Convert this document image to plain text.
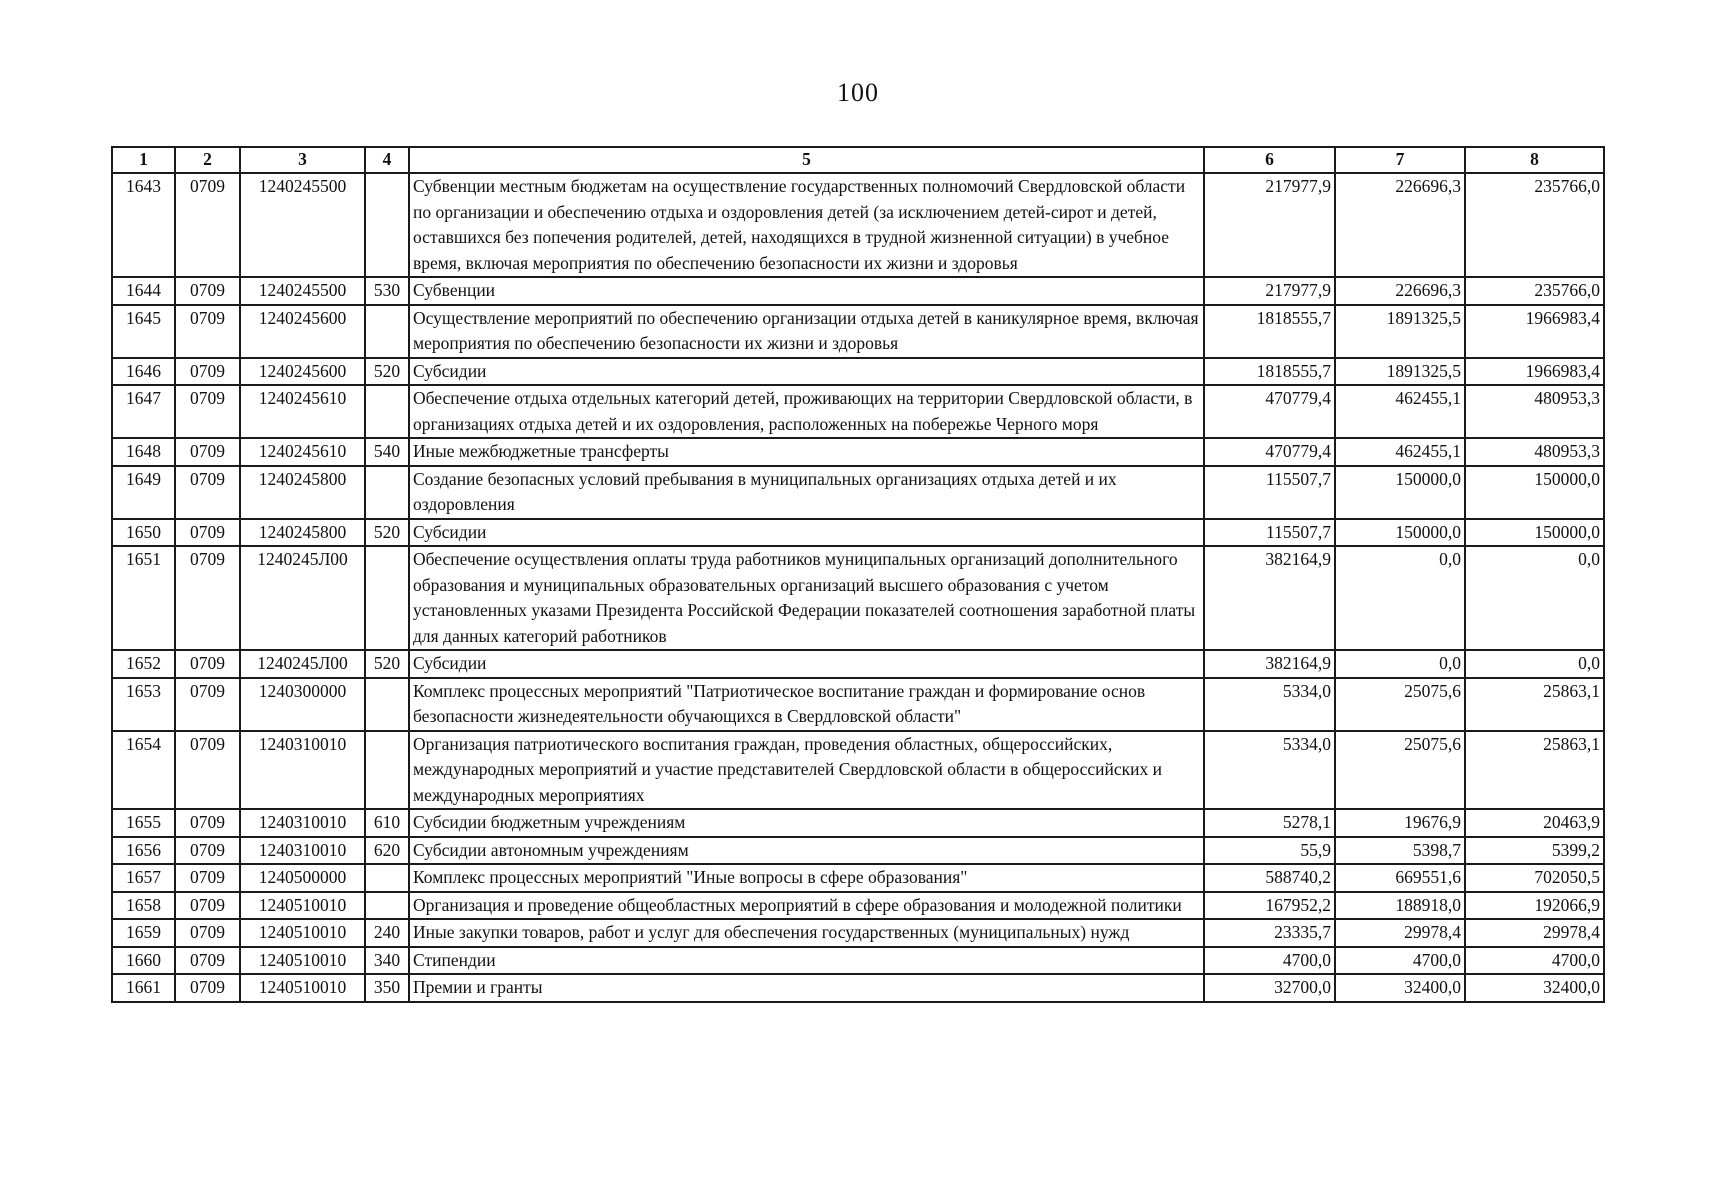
100
1	2	3	4	5	6	7	8
1643	0709	1240245500		Субвенции местным бюджетам на осуществление государственных полномочий Свердловской области по организации и обеспечению отдыха и оздоровления детей (за исключением детей-сирот и детей, оставшихся без попечения родителей, детей, находящихся в трудной жизненной ситуации) в учебное время, включая мероприятия по обеспечению безопасности их жизни и здоровья	217977,9	226696,3	235766,0
1644	0709	1240245500	530	Субвенции	217977,9	226696,3	235766,0
1645	0709	1240245600		Осуществление мероприятий по обеспечению организации отдыха детей в каникулярное время, включая мероприятия по обеспечению безопасности их жизни и здоровья	1818555,7	1891325,5	1966983,4
1646	0709	1240245600	520	Субсидии	1818555,7	1891325,5	1966983,4
1647	0709	1240245610		Обеспечение отдыха отдельных категорий детей, проживающих на территории Свердловской области, в организациях отдыха детей и их оздоровления, расположенных на побережье Черного моря	470779,4	462455,1	480953,3
1648	0709	1240245610	540	Иные межбюджетные трансферты	470779,4	462455,1	480953,3
1649	0709	1240245800		Создание безопасных условий пребывания в муниципальных организациях отдыха детей и их оздоровления	115507,7	150000,0	150000,0
1650	0709	1240245800	520	Субсидии	115507,7	150000,0	150000,0
1651	0709	1240245Л00		Обеспечение осуществления оплаты труда работников муниципальных организаций дополнительного образования и муниципальных образовательных организаций высшего образования с учетом установленных указами Президента Российской Федерации показателей соотношения заработной платы для данных категорий работников	382164,9	0,0	0,0
1652	0709	1240245Л00	520	Субсидии	382164,9	0,0	0,0
1653	0709	1240300000		Комплекс процессных мероприятий "Патриотическое воспитание граждан и формирование основ безопасности жизнедеятельности обучающихся в Свердловской области"	5334,0	25075,6	25863,1
1654	0709	1240310010		Организация патриотического воспитания граждан, проведения областных, общероссийских, международных мероприятий и участие представителей Свердловской области в общероссийских и международных мероприятиях	5334,0	25075,6	25863,1
1655	0709	1240310010	610	Субсидии бюджетным учреждениям	5278,1	19676,9	20463,9
1656	0709	1240310010	620	Субсидии автономным учреждениям	55,9	5398,7	5399,2
1657	0709	1240500000		Комплекс процессных мероприятий "Иные вопросы в сфере образования"	588740,2	669551,6	702050,5
1658	0709	1240510010		Организация и проведение общеобластных мероприятий в сфере образования и молодежной политики	167952,2	188918,0	192066,9
1659	0709	1240510010	240	Иные закупки товаров, работ и услуг для обеспечения государственных (муниципальных) нужд	23335,7	29978,4	29978,4
1660	0709	1240510010	340	Стипендии	4700,0	4700,0	4700,0
1661	0709	1240510010	350	Премии и гранты	32700,0	32400,0	32400,0
